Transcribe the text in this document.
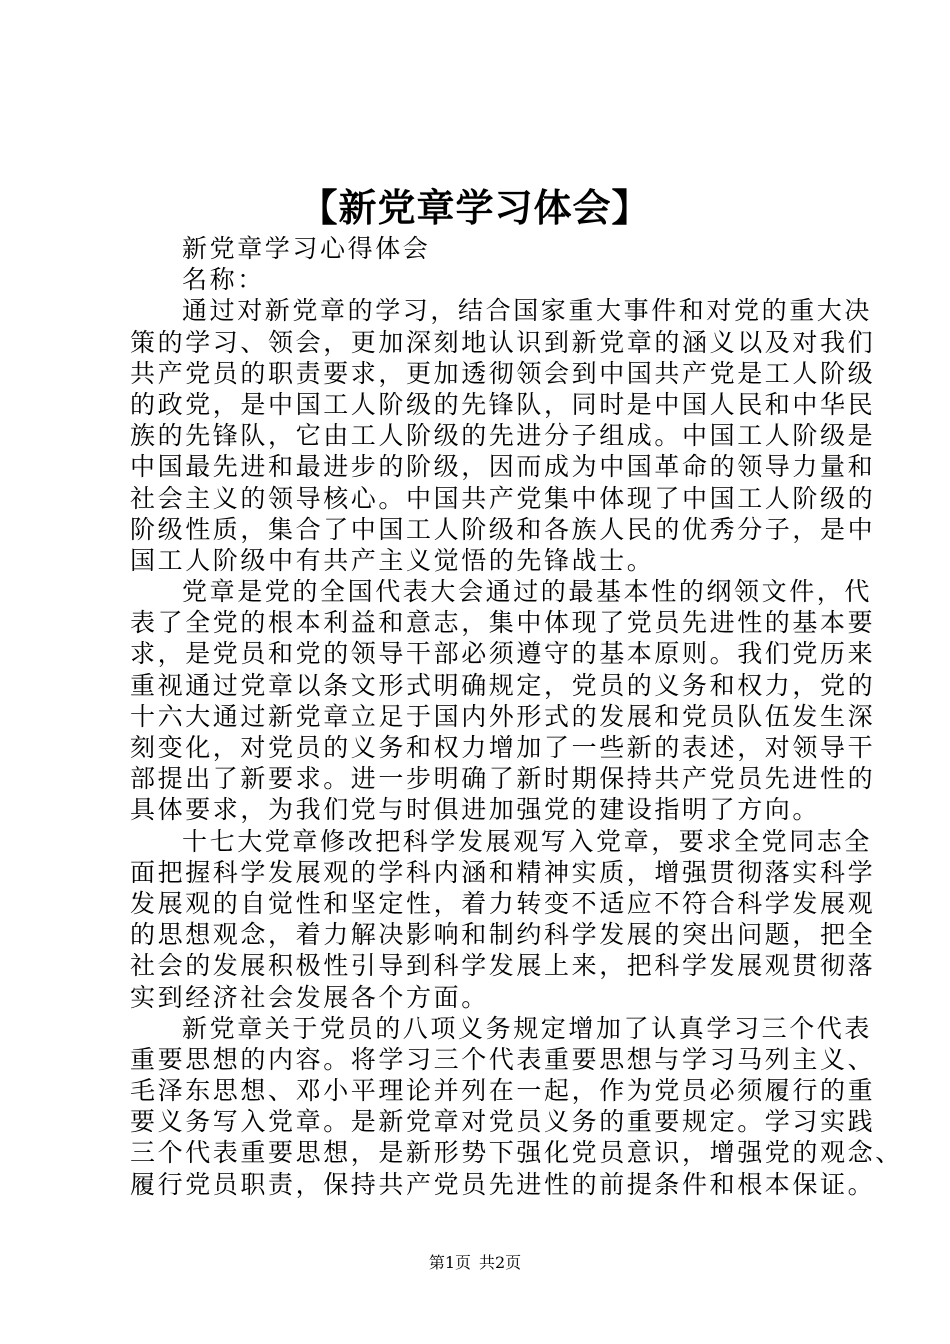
【新党章学习体会】
新党章学习心得体会
名称：
通过对新党章的学习，结合国家重大事件和对党的重大决
策的学习、领会，更加深刻地认识到新党章的涵义以及对我们
共产党员的职责要求，更加透彻领会到中国共产党是工人阶级
的政党，是中国工人阶级的先锋队，同时是中国人民和中华民
族的先锋队，它由工人阶级的先进分子组成。中国工人阶级是
中国最先进和最进步的阶级，因而成为中国革命的领导力量和
社会主义的领导核心。中国共产党集中体现了中国工人阶级的
阶级性质，集合了中国工人阶级和各族人民的优秀分子，是中
国工人阶级中有共产主义觉悟的先锋战士。
党章是党的全国代表大会通过的最基本性的纲领文件，代
表了全党的根本利益和意志，集中体现了党员先进性的基本要
求，是党员和党的领导干部必须遵守的基本原则。我们党历来
重视通过党章以条文形式明确规定，党员的义务和权力，党的
十六大通过新党章立足于国内外形式的发展和党员队伍发生深
刻变化，对党员的义务和权力增加了一些新的表述，对领导干
部提出了新要求。进一步明确了新时期保持共产党员先进性的
具体要求，为我们党与时俱进加强党的建设指明了方向。
十七大党章修改把科学发展观写入党章，要求全党同志全
面把握科学发展观的学科内涵和精神实质，增强贯彻落实科学
发展观的自觉性和坚定性，着力转变不适应不符合科学发展观
的思想观念，着力解决影响和制约科学发展的突出问题，把全
社会的发展积极性引导到科学发展上来，把科学发展观贯彻落
实到经济社会发展各个方面。
新党章关于党员的八项义务规定增加了认真学习三个代表
重要思想的内容。将学习三个代表重要思想与学习马列主义、
毛泽东思想、邓小平理论并列在一起，作为党员必须履行的重
要义务写入党章。是新党章对党员义务的重要规定。学习实践
三个代表重要思想，是新形势下强化党员意识，增强党的观念、
履行党员职责，保持共产党员先进性的前提条件和根本保证。
第1页 共2页
